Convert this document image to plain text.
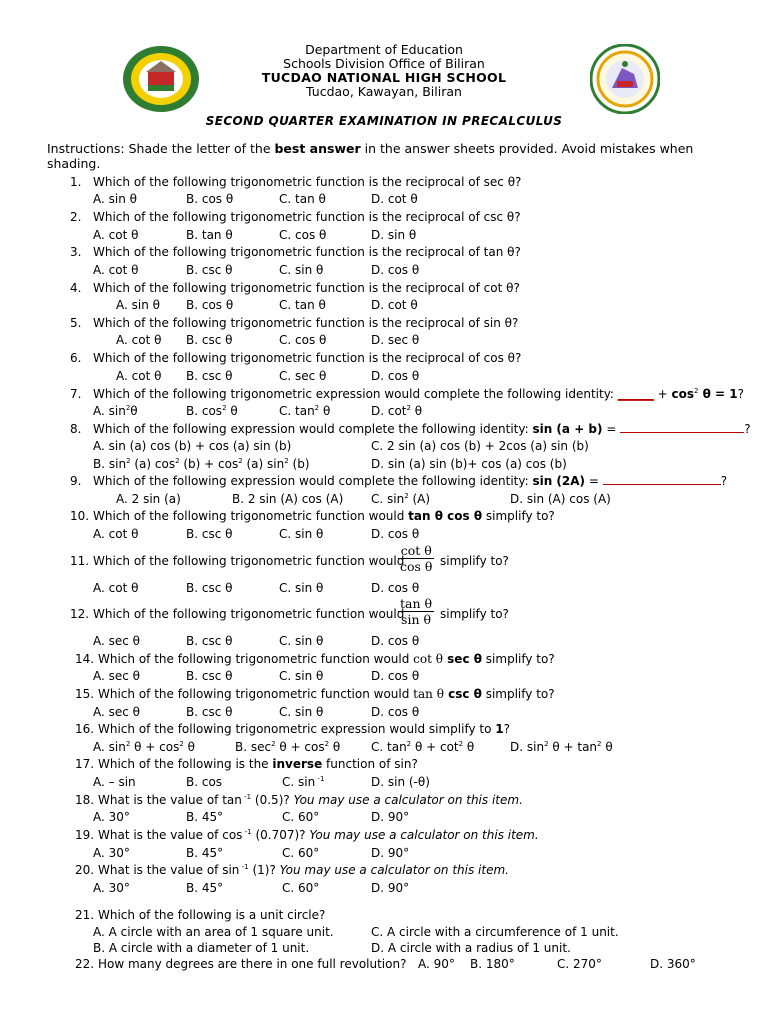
Department of Education
Schools Division Office of Biliran
TUCDAO NATIONAL HIGH SCHOOL
Tucdao, Kawayan, Biliran
SECOND QUARTER EXAMINATION IN PRECALCULUS
Instructions: Shade the letter of the best answer in the answer sheets provided. Avoid mistakes when
shading.
1. Which of the following trigonometric function is the reciprocal of sec θ?
A. sin θ	B. cos θ	C. tan θ	D. cot θ
2. Which of the following trigonometric function is the reciprocal of csc θ?
A. cot θ	B. tan θ	C. cos θ	D. sin θ
3. Which of the following trigonometric function is the reciprocal of tan θ?
A. cot θ	B. csc θ	C. sin θ	D. cos θ
4. Which of the following trigonometric function is the reciprocal of cot θ?
A. sin θ B. cos θ	C. tan θ	D. cot θ
5. Which of the following trigonometric function is the reciprocal of sin θ?
A. cot θ B. csc θ	C. cos θ	D. sec θ
6. Which of the following trigonometric function is the reciprocal of cos θ?
A. cot θ B. csc θ	C. sec θ	D. cos θ
7. Which of the following trigonometric expression would complete the following identity: ______ + $\cos^2 \theta = 1$?
A. $\sin^2\theta$	B. $\cos^2 \theta$	C. $\tan^2 \theta$	D. $\cot^2 \theta$
8. Which of the following expression would complete the following identity: sin (a + b) =	?
A. sin (a) cos (b) + cos (a) sin (b)	C. 2 sin (a) cos (b) + 2cos (a) sin (b)
B. $\sin^2 (a)$ $\cos^2 (b) + \cos^2 (a)$ $\sin^2 (b)$	D. sin (a) sin (b)+ cos (a) cos (b)
9. Which of the following expression would complete the following identity: sin (2A) =	?
A. 2 sin (a)	B. 2 sin (A) cos (A) C. $\sin^2 (A)$	D. sin (A) cos (A)
10. Which of the following trigonometric function would tan θ cos θ simplify to?
A. cot θ	B. csc θ	C. sin θ	D. cos θ
11. Which of the following trigonometric function would
cot θ
cos θ simplify to?
A. cot θ	B. csc θ	C. sin θ	D. cos θ
12. Which of the following trigonometric function would
tan θ
sin θ simplify to?
A. sec θ	B. csc θ	C. sin θ	D. cos θ
14. Which of the following trigonometric function would cot θ sec θ simplify to?
A. sec θ	B. csc θ	C. sin θ	D. cos θ
15. Which of the following trigonometric function would tan θ csc θ simplify to?
A. sec θ	B. csc θ	C. sin θ	D. cos θ
16. Which of the following trigonometric expression would simplify to 1?
A. $\sin^2 \theta + \cos^2 \theta$	B. $\sec^2 \theta + \cos^2 \theta$	C. $\tan^2 \theta + \cot^2 \theta$	D. $\sin^2 \theta + \tan^2 \theta$
17. Which of the following is the inverse function of sin?
A. – sin	B. cos	C. sin $^{-1}$	D. sin (-θ)
18. What is the value of tan $^{-1}$ (0.5)? You may use a calculator on this item.
A. 30°	B. 45°	C. 60°	D. 90°
19. What is the value of cos $^{-1}$ (0.707)? You may use a calculator on this item.
A. 30°	B. 45°	C. 60°	D. 90°
20. What is the value of sin $^{-1}$ (1)? You may use a calculator on this item.
A. 30°	B. 45°	C. 60°	D. 90°
21. Which of the following is a unit circle?
A. A circle with an area of 1 square unit.	C. A circle with a circumference of 1 unit.
B. A circle with a diameter of 1 unit.	D. A circle with a radius of 1 unit.
22. How many degrees are there in one full revolution? A. 90° B. 180°	C. 270°	D. 360°
